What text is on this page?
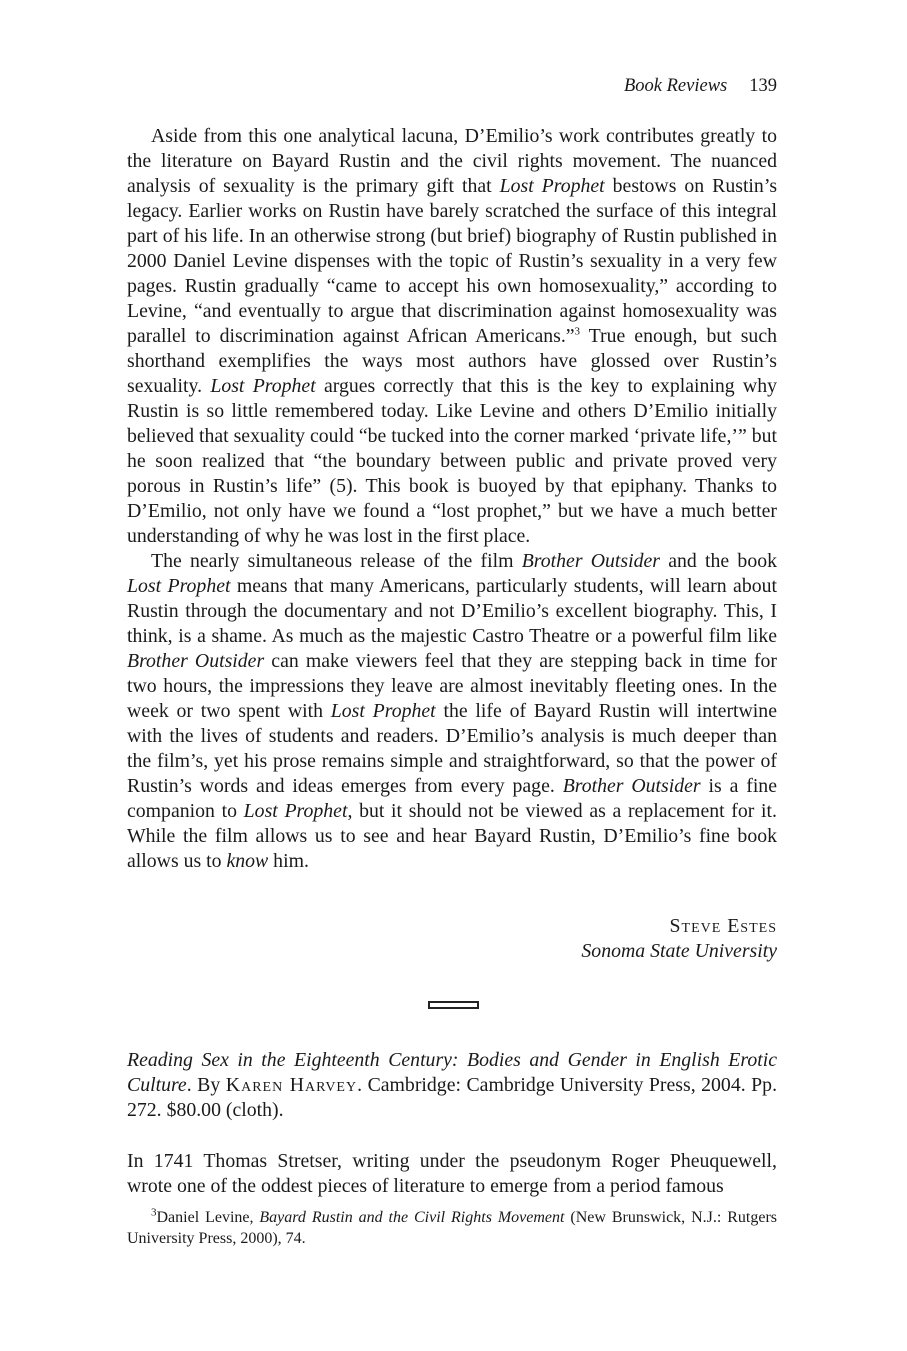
Book Reviews 139

Aside from this one analytical lacuna, D’Emilio’s work contributes greatly to the literature on Bayard Rustin and the civil rights movement. The nuanced analysis of sexuality is the primary gift that Lost Prophet bestows on Rustin’s legacy. Earlier works on Rustin have barely scratched the surface of this integral part of his life. In an otherwise strong (but brief) biography of Rustin published in 2000 Daniel Levine dispenses with the topic of Rustin’s sexuality in a very few pages. Rustin gradually “came to accept his own homosexuality,” according to Levine, “and eventually to argue that discrimination against homosexuality was parallel to discrimination against African Americans.”$^3$ True enough, but such shorthand exemplifies the ways most authors have glossed over Rustin’s sexuality. Lost Prophet argues correctly that this is the key to explaining why Rustin is so little remembered today. Like Levine and others D’Emilio initially believed that sexuality could “be tucked into the corner marked ‘private life,’” but he soon realized that “the boundary between public and private proved very porous in Rustin’s life” (5). This book is buoyed by that epiphany. Thanks to D’Emilio, not only have we found a “lost prophet,” but we have a much better understanding of why he was lost in the first place.

The nearly simultaneous release of the film Brother Outsider and the book Lost Prophet means that many Americans, particularly students, will learn about Rustin through the documentary and not D’Emilio’s excellent biography. This, I think, is a shame. As much as the majestic Castro Theatre or a powerful film like Brother Outsider can make viewers feel that they are stepping back in time for two hours, the impressions they leave are almost inevitably fleeting ones. In the week or two spent with Lost Prophet the life of Bayard Rustin will intertwine with the lives of students and readers. D’Emilio’s analysis is much deeper than the film’s, yet his prose remains simple and straightforward, so that the power of Rustin’s words and ideas emerges from every page. Brother Outsider is a fine companion to Lost Prophet, but it should not be viewed as a replacement for it. While the film allows us to see and hear Bayard Rustin, D’Emilio’s fine book allows us to know him.

Steve Estes
Sonoma State University
Reading Sex in the Eighteenth Century: Bodies and Gender in English Erotic Culture. By Karen Harvey. Cambridge: Cambridge University Press, 2004. Pp. 272. $80.00 (cloth).
In 1741 Thomas Stretser, writing under the pseudonym Roger Pheuquewell, wrote one of the oddest pieces of literature to emerge from a period famous
$^3$Daniel Levine, Bayard Rustin and the Civil Rights Movement (New Brunswick, N.J.: Rutgers University Press, 2000), 74.
